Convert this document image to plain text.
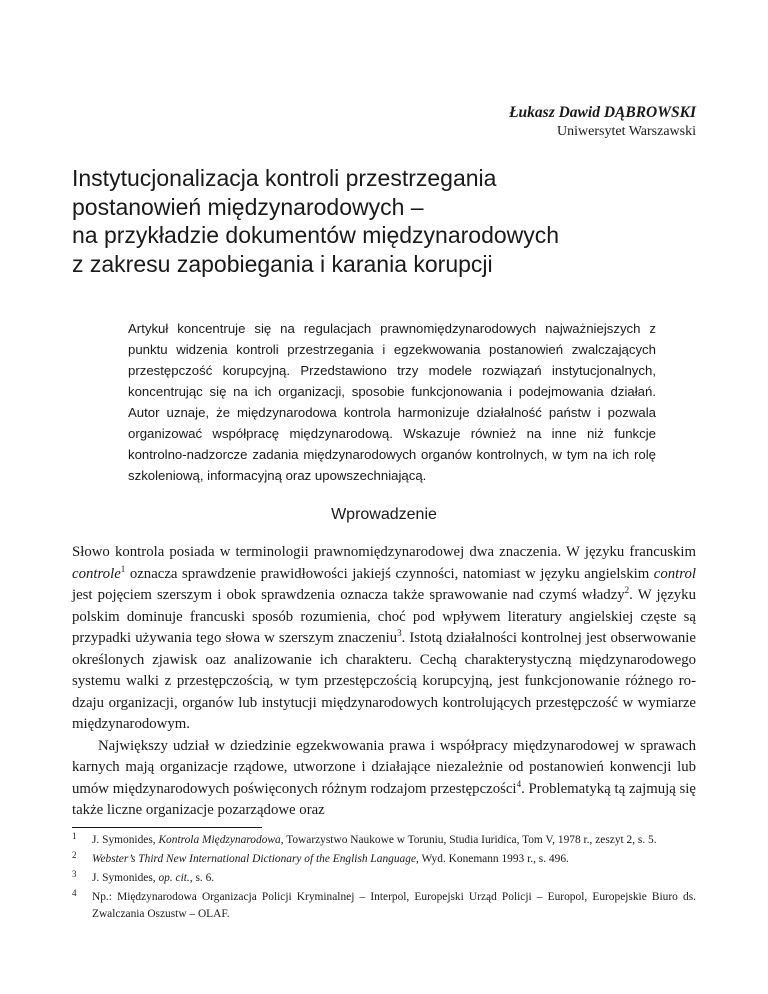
Łukasz Dawid DĄBROWSKI
Uniwersytet Warszawski
Instytucjonalizacja kontroli przestrzegania
postanowień międzynarodowych –
na przykładzie dokumentów międzynarodowych
z zakresu zapobiegania i karania korupcji
Artykuł koncentruje się na regulacjach prawnomiędzynarodowych najważniejszych z punktu widzenia kontroli przestrzegania i egzekwowania postanowień zwalczających przestępczość korupcyjną. Przedstawiono trzy modele rozwiązań instytucjonalnych, koncentrując się na ich organizacji, sposobie funkcjonowania i podejmowania działań. Autor uznaje, że międzynarodowa kontrola harmonizuje działalność państw i pozwala organizować współpracę międzynarodową. Wskazuje również na inne niż funkcje kontrolno-nadzorcze zadania międzynarodowych organów kontrolnych, w tym na ich rolę szkoleniową, informacyjną oraz upowszechniającą.
Wprowadzenie

Słowo kontrola posiada w terminologii prawnomiędzynarodowej dwa znaczenia. W języku francuskim controle$^1$ oznacza sprawdzenie prawidłowości jakiejś czynności, natomiast w języku angielskim control jest pojęciem szerszym i obok sprawdzenia oznacza także sprawowanie nad czymś władzy$^2$. W języku polskim dominuje francuski sposób rozumienia, choć pod wpływem literatury angielskiej częste są przypadki używania tego słowa w szerszym znaczeniu$^3$. Istotą działalności kontrolnej jest obserwowanie określonych zjawisk oaz analizowanie ich charakteru. Cechą charakterystyczną międzynarodowego systemu walki z przestępczością, w tym przestępczością korupcyjną, jest funkcjonowanie różnego rodzaju organizacji, organów lub instytucji międzynarodowych kontrolujących przestępczość w wymiarze międzynarodowym.

Największy udział w dziedzinie egzekwowania prawa i współpracy międzynarodowej w sprawach karnych mają organizacje rządowe, utworzone i działające niezależnie od postanowień konwencji lub umów międzynarodowych poświęconych różnym rodzajom przestępczości$^4$. Problematyką tą zajmują się także liczne organizacje pozarządowe oraz

1 J. Symonides, Kontrola Międzynarodowa, Towarzystwo Naukowe w Toruniu, Studia Iuridica, Tom V, 1978 r., zeszyt 2, s. 5.
2 Webster’s Third New International Dictionary of the English Language, Wyd. Konemann 1993 r., s. 496.
3 J. Symonides, op. cit., s. 6.
4 Np.: Międzynarodowa Organizacja Policji Kryminalnej – Interpol, Europejski Urząd Policji – Europol, Europejskie Biuro ds. Zwalczania Oszustw – OLAF.
